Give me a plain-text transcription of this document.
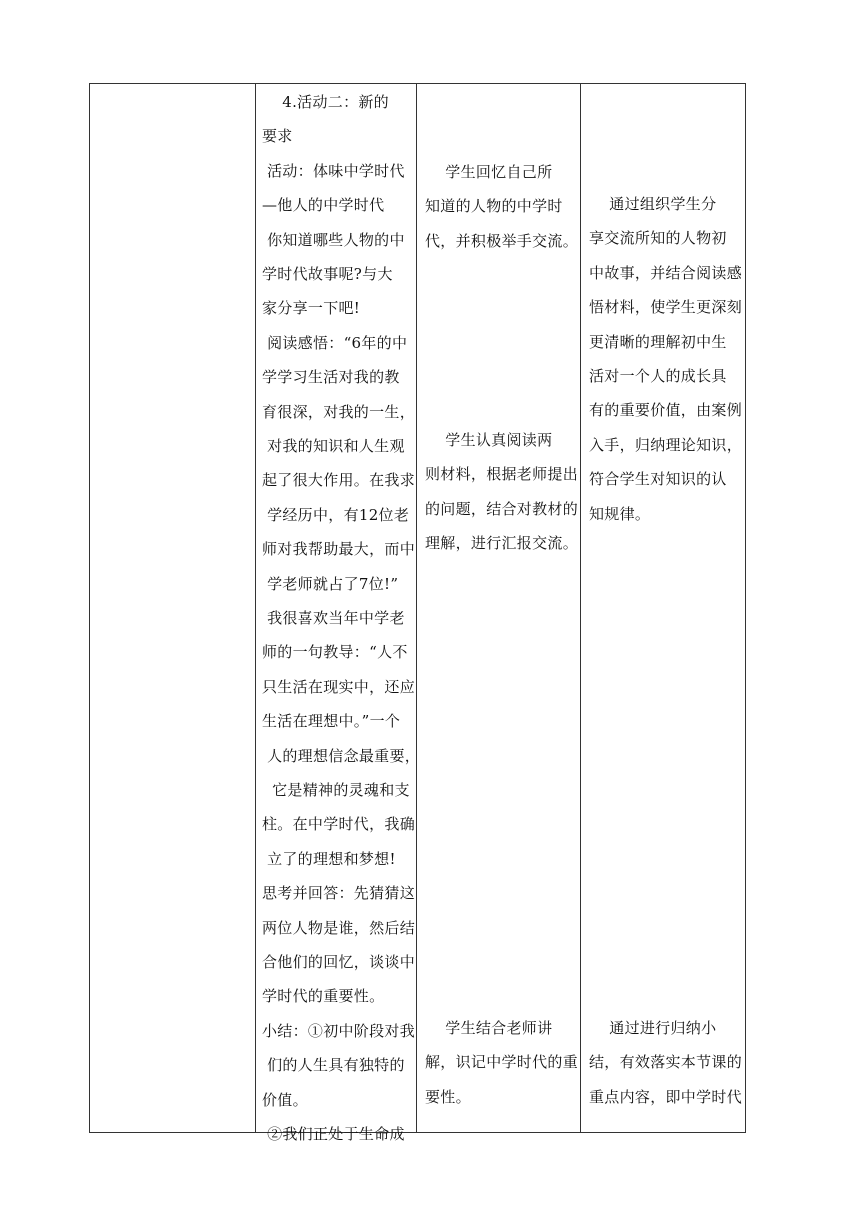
4.活动二：新的
要求
活动：体味中学时代
—他人的中学时代
你知道哪些人物的中
学时代故事呢?与大
家分享一下吧!
阅读感悟：“6年的中
学学习生活对我的教
育很深，对我的一生，
对我的知识和人生观
起了很大作用。在我求
学经历中，有12位老
师对我帮助最大，而中
学老师就占了7位!”
我很喜欢当年中学老
师的一句教导：“人不
只生活在现实中，还应
生活在理想中。”一个
人的理想信念最重要，
它是精神的灵魂和支
柱。在中学时代，我确
立了的理想和梦想!
思考并回答：先猜猜这
两位人物是谁，然后结
合他们的回忆，谈谈中
学时代的重要性。
小结：①初中阶段对我
们的人生具有独特的
价值。
②我们正处于生命成
学生回忆自己所
知道的人物的中学时
代，并积极举手交流。
学生认真阅读两
则材料，根据老师提出
的问题，结合对教材的
理解，进行汇报交流。
学生结合老师讲
解，识记中学时代的重
要性。
通过组织学生分
享交流所知的人物初
中故事，并结合阅读感
悟材料，使学生更深刻
更清晰的理解初中生
活对一个人的成长具
有的重要价值，由案例
入手，归纳理论知识，
符合学生对知识的认
知规律。
通过进行归纳小
结，有效落实本节课的
重点内容，即中学时代
